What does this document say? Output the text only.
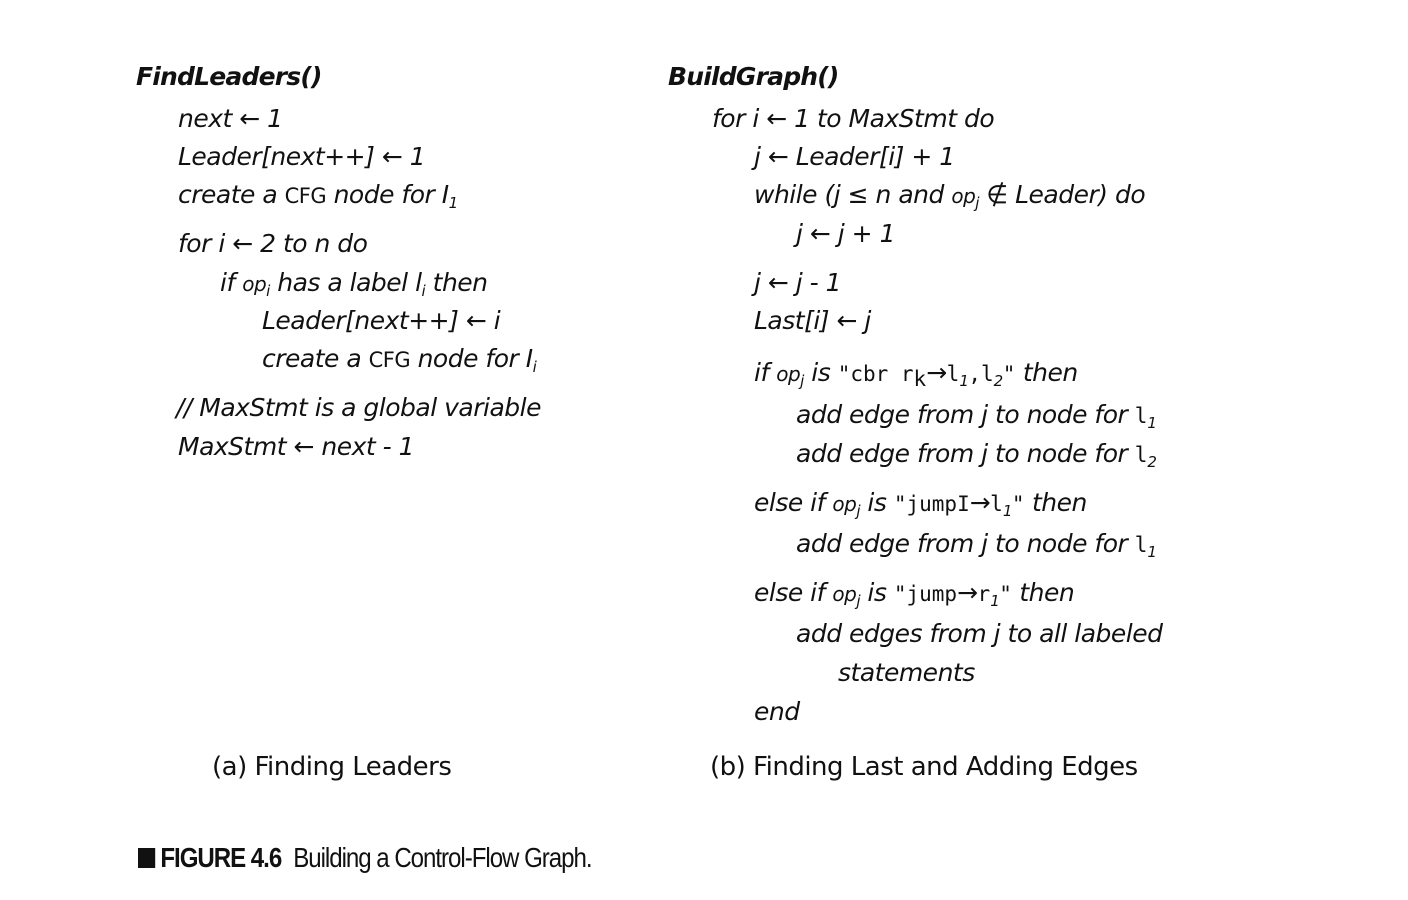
FindLeaders()
next ← 1
Leader[next++] ← 1
create a CFG node for $I_1$
for i ← 2 to n do
if $op_i$ has a label $l_i$ then
Leader[next++] ← i
create a CFG node for $I_i$
// MaxStmt is a global variable
MaxStmt ← next - 1
BuildGraph()
for i ← 1 to MaxStmt do
j ← Leader[i] + 1
while (j ≤ n and $op_j$ ∉ Leader) do
j ← j + 1
j ← j - 1
Last[i] ← j
if $op_j$ is "cbr $r_k\to l_1,l_2$" then
add edge from j to node for $l_1$
add edge from j to node for $l_2$
else if $op_j$ is "$jumpI\to l_1$" then
add edge from j to node for $l_1$
else if $op_j$ is "$jump\to r_1$" then
add edges from j to all labeled
statements
end
(a) Finding Leaders	(b) Finding Last and Adding Edges
FIGURE 4.6 Building a Control-Flow Graph.
